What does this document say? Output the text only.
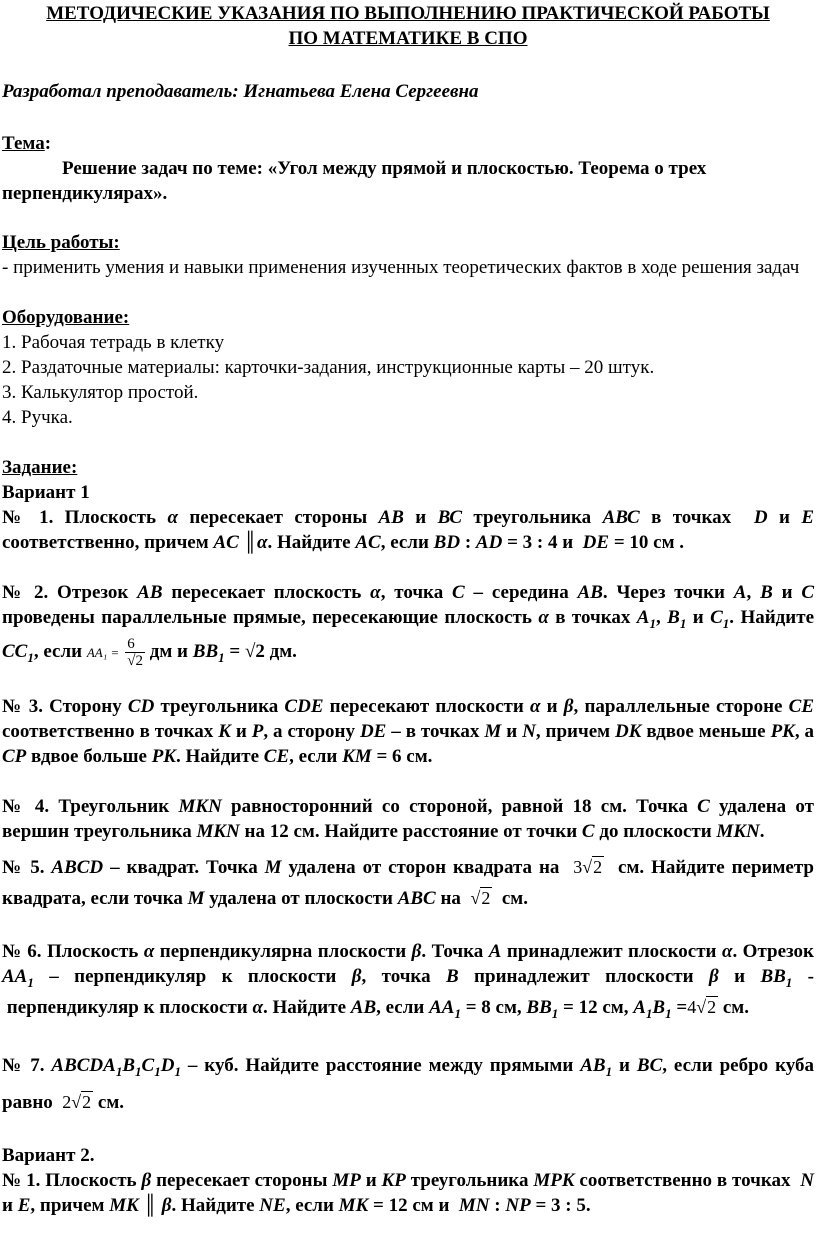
МЕТОДИЧЕСКИЕ УКАЗАНИЯ ПО ВЫПОЛНЕНИЮ ПРАКТИЧЕСКОЙ РАБОТЫ
ПО МАТЕМАТИКЕ В СПО
Разработал преподаватель: Игнатьева Елена Сергеевна
Тема:
Решение задач по теме: «Угол между прямой и плоскостью. Теорема о трех перпендикулярах».
Цель работы:
- применить умения и навыки применения изученных теоретических фактов в ходе решения задач
Оборудование:
1. Рабочая тетрадь в клетку
2. Раздаточные материалы: карточки-задания, инструкционные карты – 20 штук.
3. Калькулятор простой.
4. Ручка.
Задание:
Вариант 1
№ 1. Плоскость α пересекает стороны АВ и ВС треугольника АВС в точках  D и E соответственно, причем AC ║α. Найдите AC, если BD : AD = 3 : 4 и  DE = 10 см .
№ 2. Отрезок АВ пересекает плоскость α, точка С – середина АВ. Через точки А, В и С проведены параллельные прямые, пересекающие плоскость α в точках $А_1$, $В_1$ и $С_1$. Найдите $СС_1$, если $AA_1 = \frac{6}{√2}$ дм и $ВВ_1 = √2$ дм.
№ 3. Сторону CD треугольника CDE пересекают плоскости α и β, параллельные стороне CE соответственно в точках K и P, а сторону DE – в точках M и N, причем DK вдвое меньше PK, а CP вдвое больше PK. Найдите CE, если KM = 6 см.
№ 4. Треугольник МKN равносторонний со стороной, равной 18 см. Точка C удалена от вершин треугольника МKN на 12 см. Найдите расстояние от точки C до плоскости МKN.
№ 5. ABCD – квадрат. Точка M удалена от сторон квадрата на  3√2  см. Найдите периметр квадрата, если точка M удалена от плоскости ABC на  √2  см.
№ 6. Плоскость α перпендикулярна плоскости β. Точка A принадлежит плоскости α. Отрезок $AA_1$ – перпендикуляр к плоскости β, точка B принадлежит плоскости β и $BB_1$ -  перпендикуляр к плоскости α. Найдите AB, если $AA_1 = 8$ см, $BB_1 = 12$ см, $A_1B_1 =4√2$ см.
№ 7. $ABCDA_1B_1C_1D_1$ – куб. Найдите расстояние между прямыми $AB_1$ и BC, если ребро куба равно  2√2 см.
Вариант 2.
№ 1. Плоскость β пересекает стороны MP и KP треугольника MPK соответственно в точках  N и E, причем MK ║ β. Найдите NE, если MK = 12 см и  MN : NP = 3 : 5.
